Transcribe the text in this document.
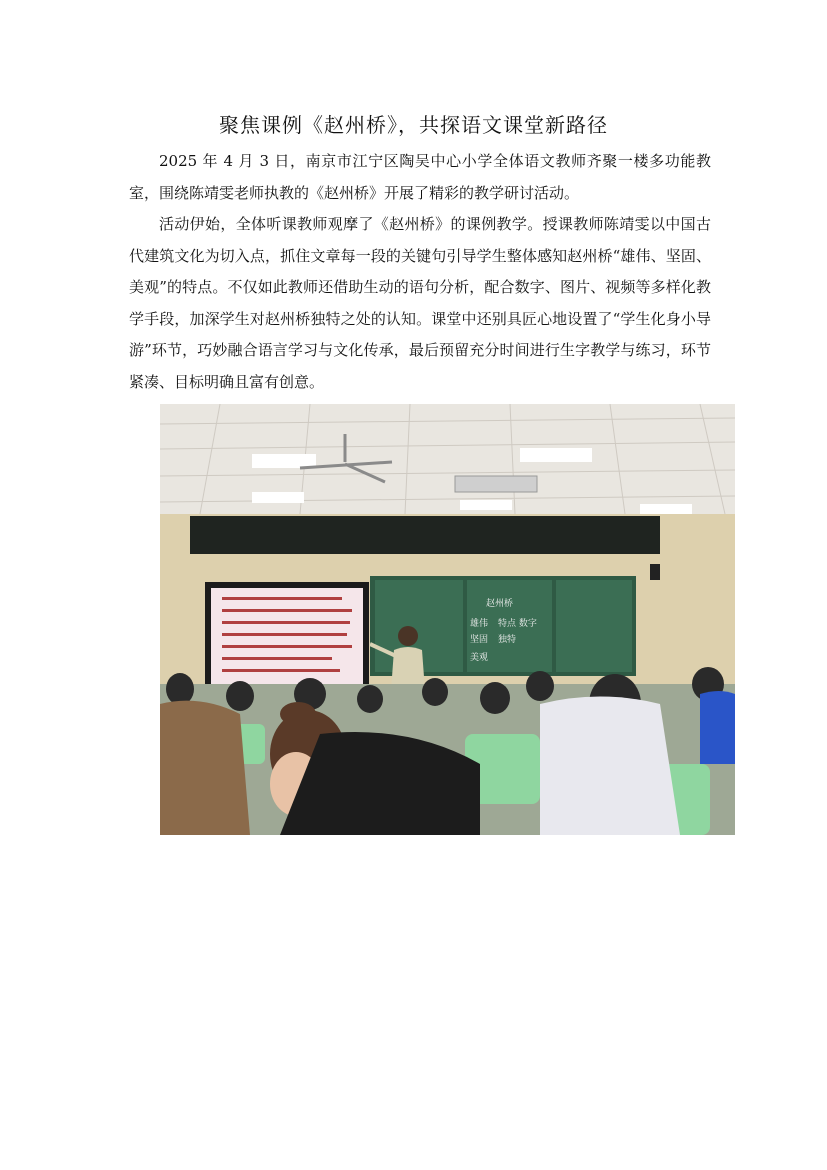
聚焦课例《赵州桥》，共探语文课堂新路径

2025 年 4 月 3 日，南京市江宁区陶吴中心小学全体语文教师齐聚一楼多功能教室，围绕陈靖雯老师执教的《赵州桥》开展了精彩的教学研讨活动。

活动伊始，全体听课教师观摩了《赵州桥》的课例教学。授课教师陈靖雯以中国古代建筑文化为切入点，抓住文章每一段的关键句引导学生整体感知赵州桥“雄伟、坚固、美观”的特点。不仅如此教师还借助生动的语句分析，配合数字、图片、视频等多样化教学手段，加深学生对赵州桥独特之处的认知。课堂中还别具匠心地设置了“学生化身小导游”环节，巧妙融合语言学习与文化传承，最后预留充分时间进行生字教学与练习，环节紧凑、目标明确且富有创意。

赵州桥
雄伟 特点 数字
坚固 独特
美观
